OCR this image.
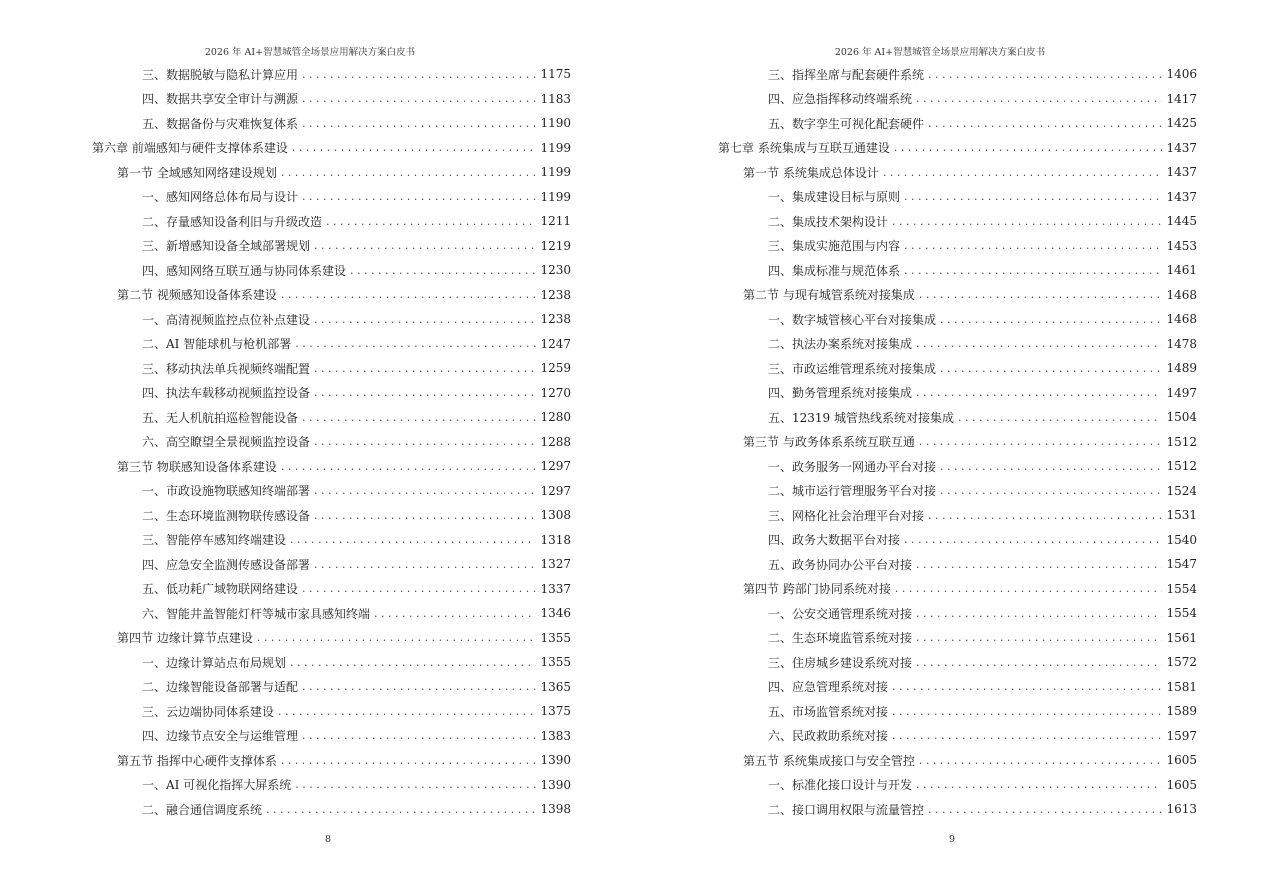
2026 年 AI+智慧城管全场景应用解决方案白皮书
三、数据脱敏与隐私计算应用 . . .	1175
四、数据共享安全审计与溯源 . . .	1183
五、数据备份与灾难恢复体系 . . .	1190
第六章 前端感知与硬件支撑体系建设 . . .	1199
第一节 全域感知网络建设规划 . . .	1199
一、感知网络总体布局与设计 . . .	1199
二、存量感知设备利旧与升级改造 . . .	1211
三、新增感知设备全域部署规划 . . .	1219
四、感知网络互联互通与协同体系建设 . . .	1230
第二节 视频感知设备体系建设 . . .	1238
一、高清视频监控点位补点建设 . . .	1238
二、AI 智能球机与枪机部署 . . .	1247
三、移动执法单兵视频终端配置 . . .	1259
四、执法车载移动视频监控设备 . . .	1270
五、无人机航拍巡检智能设备 . . .	1280
六、高空瞭望全景视频监控设备 . . .	1288
第三节 物联感知设备体系建设 . . .	1297
一、市政设施物联感知终端部署 . . .	1297
二、生态环境监测物联传感设备 . . .	1308
三、智能停车感知终端建设 . . .	1318
四、应急安全监测传感设备部署 . . .	1327
五、低功耗广域物联网络建设 . . .	1337
六、智能井盖智能灯杆等城市家具感知终端 . . .	1346
第四节 边缘计算节点建设 . . .	1355
一、边缘计算站点布局规划 . . .	1355
二、边缘智能设备部署与适配 . . .	1365
三、云边端协同体系建设 . . .	1375
四、边缘节点安全与运维管理 . . .	1383
第五节 指挥中心硬件支撑体系 . . .	1390
一、AI 可视化指挥大屏系统 . . .	1390
二、融合通信调度系统 . . .	1398
8
2026 年 AI+智慧城管全场景应用解决方案白皮书
三、指挥坐席与配套硬件系统 . . .	1406
四、应急指挥移动终端系统 . . .	1417
五、数字孪生可视化配套硬件 . . .	1425
第七章 系统集成与互联互通建设 . . .	1437
第一节 系统集成总体设计 . . .	1437
一、集成建设目标与原则 . . .	1437
二、集成技术架构设计 . . .	1445
三、集成实施范围与内容 . . .	1453
四、集成标准与规范体系 . . .	1461
第二节 与现有城管系统对接集成 . . .	1468
一、数字城管核心平台对接集成 . . .	1468
二、执法办案系统对接集成 . . .	1478
三、市政运维管理系统对接集成 . . .	1489
四、勤务管理系统对接集成 . . .	1497
五、12319 城管热线系统对接集成 . . .	1504
第三节 与政务体系系统互联互通 . . .	1512
一、政务服务一网通办平台对接 . . .	1512
二、城市运行管理服务平台对接 . . .	1524
三、网格化社会治理平台对接 . . .	1531
四、政务大数据平台对接 . . .	1540
五、政务协同办公平台对接 . . .	1547
第四节 跨部门协同系统对接 . . .	1554
一、公安交通管理系统对接 . . .	1554
二、生态环境监管系统对接 . . .	1561
三、住房城乡建设系统对接 . . .	1572
四、应急管理系统对接 . . .	1581
五、市场监管系统对接 . . .	1589
六、民政救助系统对接 . . .	1597
第五节 系统集成接口与安全管控 . . .	1605
一、标准化接口设计与开发 . . .	1605
二、接口调用权限与流量管控 . . .	1613
9
